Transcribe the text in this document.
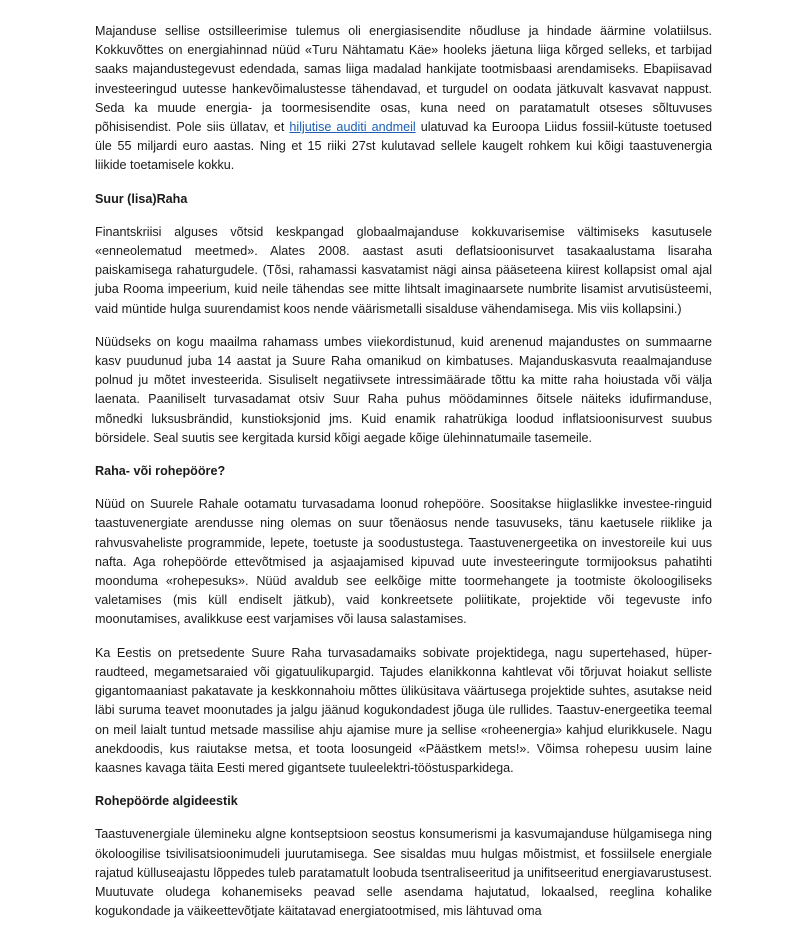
Majanduse sellise ostsilleerimise tulemus oli energiasisendite nõudluse ja hindade äärmine volatiilsus. Kokkuvõttes on energiahinnad nüüd «Turu Nähtamatu Käe» hooleks jäetuna liiga kõrged selleks, et tarbijad saaks majandustegevust edendada, samas liiga madalad hankijate tootmisbaasi arendamiseks. Ebapiisavad investeeringud uutesse hankevõimalustesse tähendavad, et turgudel on oodata jätkuvalt kasvavat nappust. Seda ka muude energia- ja toormesisendite osas, kuna need on paratamatult otseses sõltuvuses põhisisendist. Pole siis üllatav, et hiljutise auditi andmeil ulatuvad ka Euroopa Liidus fossiil-kütuste toetused üle 55 miljardi euro aastas. Ning et 15 riiki 27st kulutavad sellele kaugelt rohkem kui kõigi taastuvenergia liikide toetamisele kokku.

Suur (lisa)Raha

Finantskriisi alguses võtsid keskpangad globaalmajanduse kokkuvarisemise vältimiseks kasutusele «enneolematud meetmed». Alates 2008. aastast asuti deflatsioonisurvet tasakaalustama lisaraha paiskamisega rahaturgudele. (Tõsi, rahamassi kasvatamist nägi ainsa pääseteena kiirest kollapsist omal ajal juba Rooma impeerium, kuid neile tähendas see mitte lihtsalt imaginaarsete numbrite lisamist arvutisüsteemi, vaid müntide hulga suurendamist koos nende väärismetalli sisalduse vähendamisega. Mis viis kollapsini.)

Nüüdseks on kogu maailma rahamass umbes viiekordistunud, kuid arenenud majandustes on summaarne kasv puudunud juba 14 aastat ja Suure Raha omanikud on kimbatuses. Majanduskasvuta reaalmajanduse polnud ju mõtet investeerida. Sisuliselt negatiivsete intressimäärade tõttu ka mitte raha hoiustada või välja laenata. Paaniliselt turvasadamat otsiv Suur Raha puhus möödaminnes õitsele näiteks idufirmanduse, mõnedki luksusbrändid, kunstioksjonid jms. Kuid enamik rahatrükiga loodud inflatsioonisurvest suubus börsidele. Seal suutis see kergitada kursid kõigi aegade kõige ülehinnatumaile tasemeile.

Raha- või rohepööre?

Nüüd on Suurele Rahale ootamatu turvasadama loonud rohepööre. Soositakse hiiglaslikke investee-ringuid taastuvenergiate arendusse ning olemas on suur tõenäosus nende tasuvuseks, tänu kaetusele riiklike ja rahvusvaheliste programmide, lepete, toetuste ja soodustustega. Taastuvenergeetika on investoreile kui uus nafta. Aga rohepöörde ettevõtmised ja asjaajamised kipuvad uute investeeringute tormijooksus pahatihti moonduma «rohepesuks». Nüüd avaldub see eelkõige mitte toormehangete ja tootmiste ökoloogiliseks valetamises (mis küll endiselt jätkub), vaid konkreetsete poliitikate, projektide või tegevuste info moonutamises, avalikkuse eest varjamises või lausa salastamises.

Ka Eestis on pretsedente Suure Raha turvasadamaiks sobivate projektidega, nagu supertehased, hüper-raudteed, megametsaraied või gigatuulikupargid. Tajudes elanikkonna kahtlevat või tõrjuvat hoiakut selliste gigantomaaniast pakatavate ja keskkonnahoiu mõttes üliküsitava väärtusega projektide suhtes, asutakse neid läbi suruma teavet moonutades ja jalgu jäänud kogukondadest jõuga üle rullides. Taastuv-energeetika teemal on meil laialt tuntud metsade massilise ahju ajamise mure ja sellise «roheenergia» kahjud elurikkusele. Nagu anekdoodis, kus raiutakse metsa, et toota loosungeid «Päästkem mets!». Võimsa rohepesu uusim laine kaasnes kavaga täita Eesti mered gigantsete tuuleelektri-tööstusparkidega.

Rohepöörde algideestik

Taastuvenergiale ülemineku algne kontseptsioon seostus konsumerismi ja kasvumajanduse hülgamisega ning ökoloogilise tsivilisatsioonimudeli juurutamisega. See sisaldas muu hulgas mõistmist, et fossiilsele energiale rajatud külluseajastu lõppedes tuleb paratamatult loobuda tsentraliseeritud ja unifitseeritud energiavarustusest. Muutuvate oludega kohanemiseks peavad selle asendama hajutatud, lokaalsed, reeglina kohalike kogukondade ja väikeettevõtjate käitatavad energiatootmised, mis lähtuvad oma
